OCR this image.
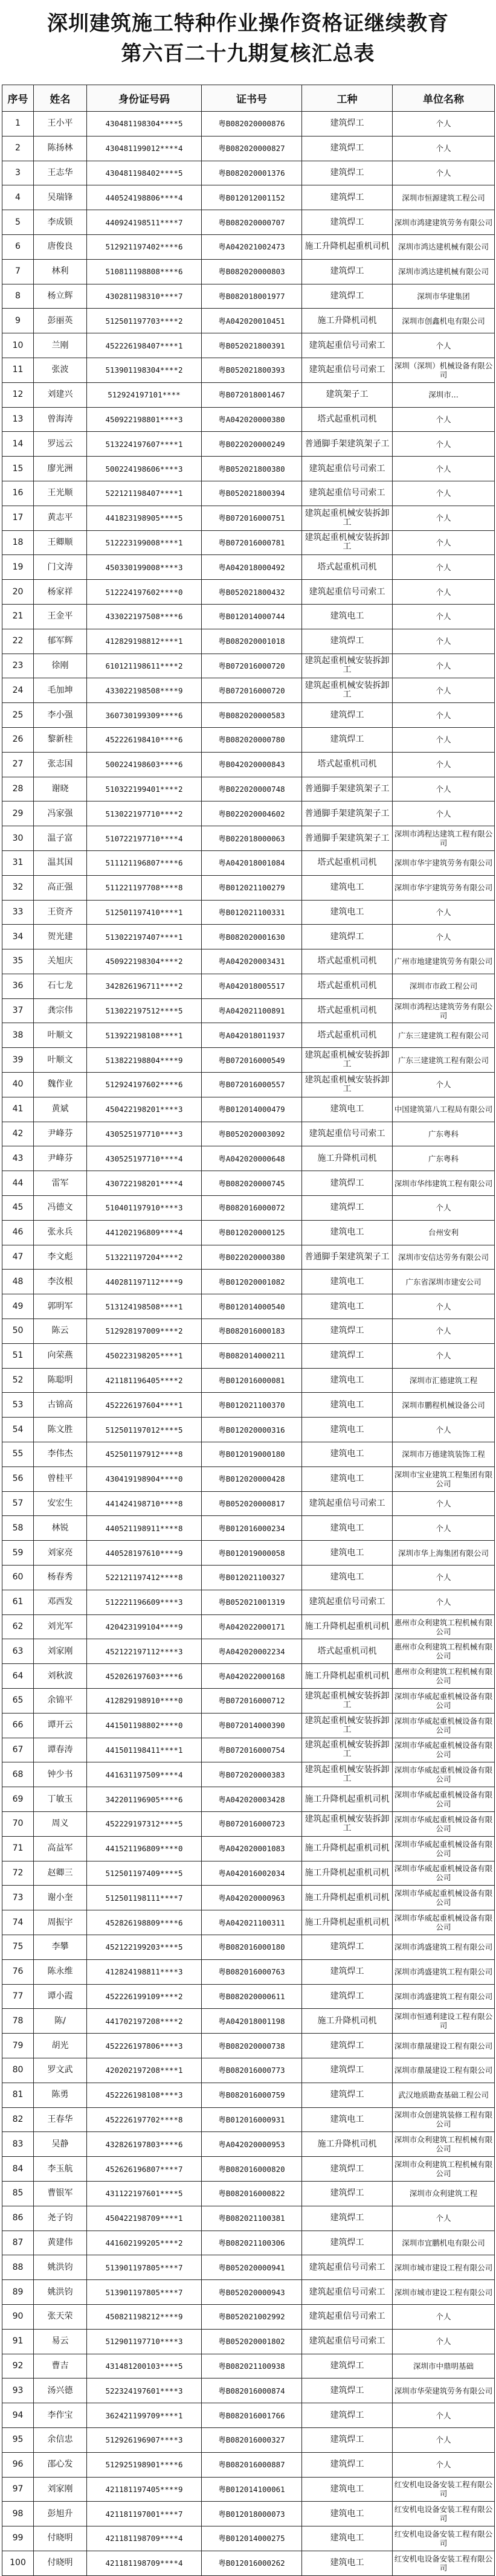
深圳建筑施工特种作业操作资格证继续教育
第六百二十九期复核汇总表
序号	姓名	身份证号码	证书号	工种	单位名称
1	王小平	430481198304****5	粤B082020000876	建筑焊工	个人
2	陈扬林	430481199012****4	粤B082020000827	建筑焊工	个人
3	王志华	430481198402****5	粤B082020001376	建筑焊工	个人
4	吴瑞锋	440524198806****4	粤B012012001152	建筑焊工	深圳市恒源建筑工程公司
5	李成锁	440924198511****7	粤B082020000707	建筑焊工	深圳市鸿建建筑劳务有限公司
6	唐俊良	512921197402****6	粤A042021002473	施工升降机起重机司机	深圳市鸿达建机械有限公司
7	林利	510811198808****6	粤B082020000803	建筑焊工	深圳市鸿达建机械有限公司
8	杨立辉	430281198310****7	粤B082018001977	建筑焊工	深圳市华建集团
9	彭丽英	512501197703****2	粤A042020010451	施工升降机司机	深圳市创鑫机电有限公司
10	兰刚	452226198407****1	粤B052021800391	建筑起重信号司索工	个人
11	张波	513901198304****2	粤B052021800393	建筑起重信号司索工	深圳（深圳）机械设备有限公司
12	刘建兴	512924197101****	粤B072018001467	建筑架子工	深圳市...
13	曾海涛	450922198801****3	粤A042020000380	塔式起重机司机	个人
14	罗远云	513224197607****1	粤B022020000249	普通脚手架建筑架子工	个人
15	廖光洲	500224198606****3	粤B052021800380	建筑起重信号司索工	个人
16	王光顺	522121198407****1	粤B052021800394	建筑起重信号司索工	个人
17	黄志平	441823198905****5	粤B072016000751	建筑起重机械安装拆卸工	个人
18	王卿顺	512223199008****1	粤B072016000781	建筑起重机械安装拆卸工	个人
19	门文涛	450330199008****3	粤A042018000492	塔式起重机司机	个人
20	杨家祥	512224197602****0	粤B052021800432	建筑起重信号司索工	个人
21	王金平	433022197508****6	粤B012014000744	建筑电工	个人
22	郁军辉	412829198812****1	粤B082020001018	建筑焊工	个人
23	徐刚	610121198611****2	粤B072016000720	建筑起重机械安装拆卸工	个人
24	毛加坤	433022198508****9	粤B072016000720	建筑起重机械安装拆卸工	个人
25	李小强	360730199309****6	粤B082020000583	建筑焊工	个人
26	黎新桂	452226198410****6	粤B082020000780	建筑焊工	个人
27	张志国	500224198603****6	粤B042020000843	塔式起重机司机	个人
28	谢晓	510322199401****2	粤B022020000748	普通脚手架建筑架子工	个人
29	冯家强	513022197710****2	粤B022020004602	普通脚手架建筑架子工	个人
30	温子富	510722197710****4	粤B022018000063	普通脚手架建筑架子工	深圳市鸿程达建筑工程有限公司
31	温其国	511121196807****6	粤A042018001084	塔式起重机司机	深圳市华宇建筑劳务有限公司
32	高正强	511221197708****8	粤B012021100279	建筑电工	深圳市华宇建筑劳务有限公司
33	王资齐	512501197410****1	粤B012021100331	建筑电工	个人
34	贺光建	513022197407****1	粤B082020001630	建筑焊工	个人
35	关旭庆	450922198304****2	粤A042020003431	塔式起重机司机	广州市地建建筑劳务有限公司
36	石七龙	342826196711****2	粤A042018005517	塔式起重机司机	深圳市市政工程公司
37	龚宗伟	513022197512****5	粤A042021100891	塔式起重机司机	深圳市鸿程达建筑劳务有限公司
38	叶顺文	513922198108****1	粤A042018011937	塔式起重机司机	广东三建建筑工程有限公司
39	叶顺文	513822198804****9	粤B072016000549	建筑起重机械安装拆卸工	广东三建建筑工程有限公司
40	魏作业	512924197602****6	粤B072016000557	建筑起重机械安装拆卸工	个人
41	黄斌	450422198201****3	粤B012014000479	建筑电工	中国建筑第八工程局有限公司
42	尹峰芬	430525197710****3	粤B052020003092	建筑起重信号司索工	广东粤科
43	尹峰芬	430525197710****4	粤A042020000648	施工升降机司机	广东粤科
44	雷军	430722198201****4	粤B082020000745	建筑焊工	深圳市华纬建筑工程有限公司
45	冯德文	510401197910****3	粤B082016000072	建筑焊工	个人
46	张永兵	441202196809****4	粤B012020000125	建筑电工	台州安利
47	李文彪	513221197204****2	粤B022020000380	普通脚手架建筑架子工	深圳市安信达劳务有限公司
48	李汝根	440281197112****9	粤B012020001082	建筑电工	广东省深圳市建安公司
49	郭明军	513124198508****1	粤B012014000540	建筑电工	个人
50	陈云	512928197009****2	粤B082016000183	建筑焊工	个人
51	向荣燕	450223198205****1	粤B082014000211	建筑焊工	个人
52	陈聪明	421181196405****2	粤B012016000081	建筑电工	深圳市汇德建筑工程
53	古锦高	452226197604****1	粤B012021100370	建筑电工	深圳市鹏程机械设备公司
54	陈文胜	512501197012****5	粤B012020000316	建筑电工	个人
55	李伟杰	452501197912****8	粤B012019000180	建筑电工	深圳市万德建筑装饰工程
56	曾桂平	430419198904****0	粤B012020000428	建筑电工	深圳市宝业建筑工程集团有限公司
57	安宏生	441424198710****8	粤B052020000817	建筑起重信号司索工	个人
58	林锐	440521198911****8	粤B012016000234	建筑电工	个人
59	刘家亮	440528197610****9	粤B012019000058	建筑电工	深圳市华上海集团有限公司
60	杨春秀	522121197412****8	粤B012021100327	建筑电工	个人
61	邓西发	512221196609****3	粤B052021001319	建筑起重信号司索工	个人
62	刘光军	420423199104****9	粤A042022000171	施工升降机起重机司机	惠州市众利建筑工程机械有限公司
63	刘家刚	452122197112****3	粤A042020002234	塔式起重机司机	惠州市众利建筑工程机械有限公司
64	刘秋波	452026197603****6	粤A042022000168	施工升降机起重机司机	惠州市众利建筑工程机械有限公司
65	余锦平	412829198910****0	粤B072016000712	建筑起重机械安装拆卸工	深圳市华威起重机械设备有限公司
66	谭开云	441501198802****0	粤B072014000390	建筑起重机械安装拆卸工	深圳市华威起重机械设备有限公司
67	谭春涛	441501198411****1	粤B072016000754	建筑起重机械安装拆卸工	深圳市华威起重机械设备有限公司
68	钟少书	441631197509****4	粤B072020000383	建筑起重机械安装拆卸工	深圳市华威起重机械设备有限公司
69	丁敏玉	342201196905****6	粤A042020003428	施工升降机起重机司机	深圳市华威起重机械设备有限公司
70	周义	452229197312****5	粤B072016000723	建筑起重机械安装拆卸工	深圳市华威起重机械设备有限公司
71	高益军	441521196809****0	粤A042020001083	施工升降机起重机司机	深圳市华威起重机械设备有限公司
72	赵卿三	512501197409****5	粤A042016002034	施工升降机起重机司机	深圳市华威起重机械设备有限公司
73	谢小奎	512501198111****7	粤A042020000963	施工升降机起重机司机	深圳市华威起重机械设备有限公司
74	周振宇	452826198809****6	粤A042021100311	施工升降机起重机司机	深圳市华威起重机械设备有限公司
75	李攀	452122199203****5	粤B082016000180	建筑焊工	深圳市鸿盛建筑工程有限公司
76	陈永维	412824198811****3	粤B082016000763	建筑焊工	深圳市鸿盛建筑工程有限公司
77	谭小霞	452226199109****2	粤B082020000611	建筑焊工	深圳市鸿盛建筑工程有限公司
78	陈/	441702197208****2	粤A042018001198	施工升降机司机	深圳市恒通利建设工程有限公司
79	胡光	452226197806****3	粤B082020000738	建筑焊工	深圳市鼎晟建设工程有限公司
80	罗文武	420202197208****1	粤B082016000773	建筑焊工	深圳市鼎晟建设工程有限公司
81	陈勇	452226198108****3	粤B082016000759	建筑焊工	武汉地质勘查基础工程公司
82	王春华	452226197702****8	粤B012016000931	建筑电工	深圳市众创建筑装修工程有限公司
83	吴静	432826197803****6	粤A042020000953	施工升降机司机	深圳市众利建筑工程机械有限公司
84	李玉航	452626196807****7	粤B082016000820	建筑焊工	深圳市众利建筑工程机械有限公司
85	曹银军	431122197601****5	粤B082016000822	建筑焊工	深圳市众利建筑工程
86	尧子钧	450422198709****1	粤B082021100381	建筑焊工	个人
87	黄建伟	441602199205****2	粤B082021100306	建筑焊工	深圳市宜鹏机电有限公司
88	姚洪钧	513901197805****7	粤B052020000941	建筑起重信号司索工	深圳市城市建设工程有限公司
89	姚洪钧	513901197805****7	粤B052020000943	建筑起重信号司索工	深圳市城市建设工程有限公司
90	张天荣	450821198212****9	粤B052021002992	建筑起重信号司索工	个人
91	易云	512901197710****3	粤B052020001802	建筑起重信号司索工	个人
92	曹吉	431481200103****5	粤B082021100938	建筑焊工	深圳市中鼎明基础
93	汤兴德	522324197601****3	粤B082016000874	建筑焊工	深圳市华荣建筑劳务有限公司
94	李作宝	362421199709****1	粤B082016001766	建筑焊工	个人
95	余信忠	512926196907****3	粤B082016000327	建筑焊工	个人
96	邵心发	512925198901****6	粤B082016000887	建筑焊工	个人
97	刘家刚	421181197405****9	粤B012014100061	建筑电工	红安机电设备安装工程有限公司
98	彭旭升	421181197001****7	粤B012018000073	建筑电工	红安机电设备安装工程有限公司
99	付晓明	421181198709****4	粤B012014000275	建筑电工	红安机电设备安装工程有限公司
100	付晓明	421181198709****4	粤B012016000262	建筑电工	红安机电设备安装工程有限公司
